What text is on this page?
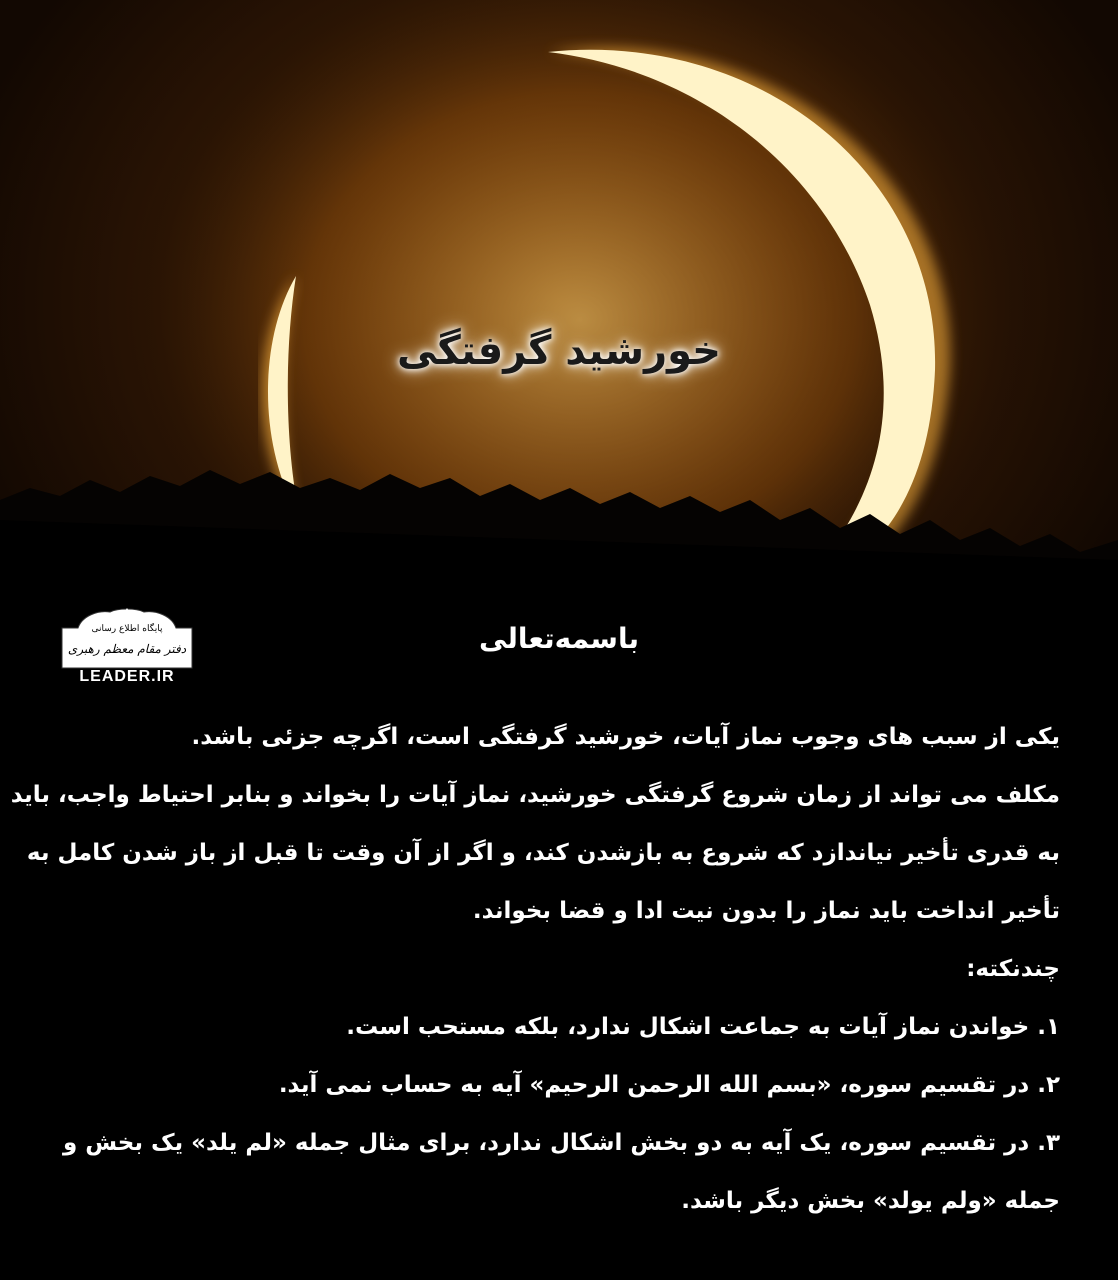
خورشید گرفتگی
پایگاه اطلاع رسانی
دفتر مقام معظم رهبری
LEADER.IR
باسمه‌تعالی

یکی از سبب های وجوب نماز آیات، خورشید گرفتگی است، اگرچه جزئی باشد.

مکلف می تواند از زمان شروع گرفتگی خورشید، نماز آیات را بخواند و بنابر احتیاط واجب، باید

به قدری تأخیر نیاندازد که شروع به بازشدن کند، و اگر از آن وقت تا قبل از باز شدن کامل به

تأخیر انداخت باید نماز را بدون نیت ادا و قضا بخواند.

چندنکته:

۱. خواندن نماز آیات به جماعت اشکال ندارد، بلکه مستحب است.

۲. در تقسیم سوره، «بسم الله الرحمن الرحیم» آیه به حساب نمی آید.

۳. در تقسیم سوره، یک آیه به دو بخش اشکال ندارد، برای مثال جمله «لم یلد» یک بخش و

جمله «ولم یولد» بخش دیگر باشد.
